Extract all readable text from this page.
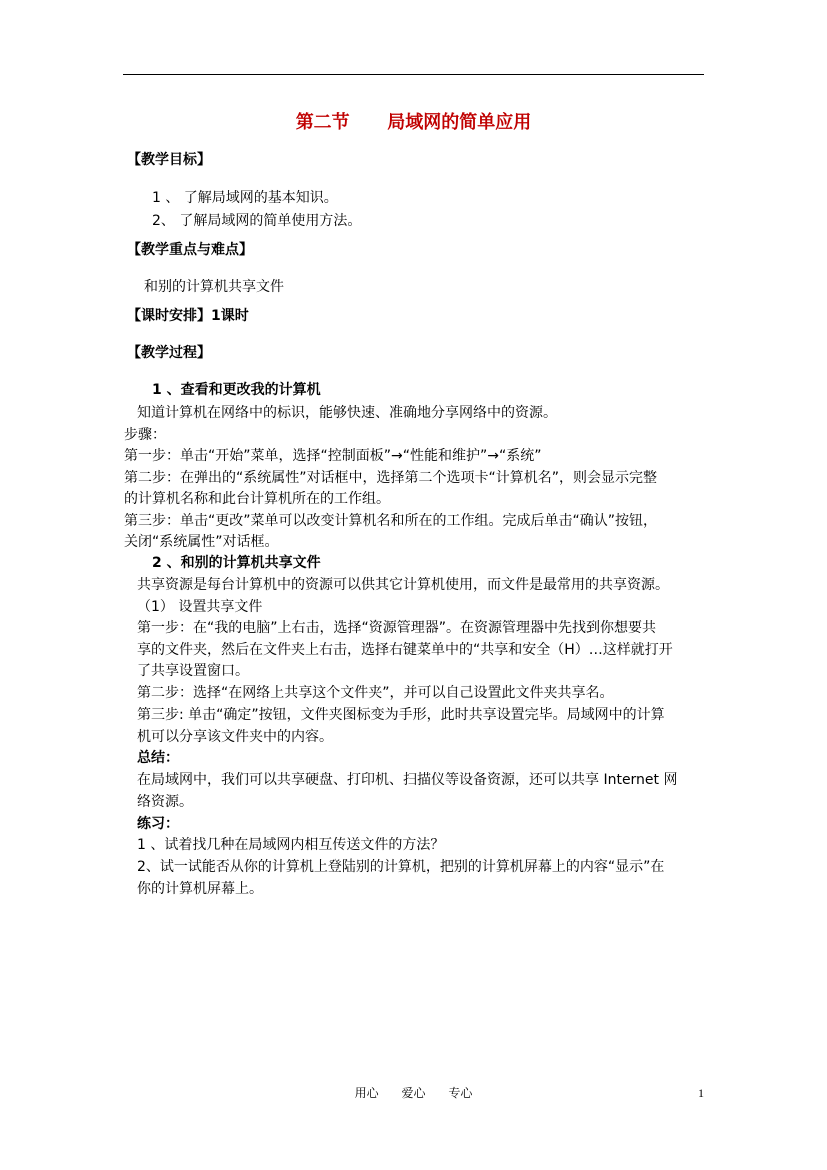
第二节      局域网的简单应用
【教学目标】
1 、 了解局域网的基本知识。
2、 了解局域网的简单使用方法。
【教学重点与难点】
和别的计算机共享文件
【课时安排】1课时
【教学过程】
1 、查看和更改我的计算机
知道计算机在网络中的标识，能够快速、准确地分享网络中的资源。
步骤：
第一步：单击“开始”菜单，选择“控制面板”→“性能和维护”→“系统”
第二步：在弹出的“系统属性”对话框中，选择第二个选项卡“计算机名”，则会显示完整
的计算机名称和此台计算机所在的工作组。
第三步：单击“更改”菜单可以改变计算机名和所在的工作组。完成后单击“确认”按钮，
关闭“系统属性”对话框。
2 、和别的计算机共享文件
共享资源是每台计算机中的资源可以供其它计算机使用，而文件是最常用的共享资源。
（1） 设置共享文件
第一步：在“我的电脑”上右击，选择“资源管理器”。在资源管理器中先找到你想要共
享的文件夹，然后在文件夹上右击，选择右键菜单中的“共享和安全（H）…这样就打开
了共享设置窗口。
第二步：选择“在网络上共享这个文件夹”，并可以自己设置此文件夹共享名。
第三步: 单击“确定”按钮，文件夹图标变为手形，此时共享设置完毕。局域网中的计算
机可以分享该文件夹中的内容。
总结：
在局域网中，我们可以共享硬盘、打印机、扫描仪等设备资源，还可以共享 Internet 网
络资源。
练习：
1 、试着找几种在局域网内相互传送文件的方法？
2、试一试能否从你的计算机上登陆别的计算机，把别的计算机屏幕上的内容“显示”在
你的计算机屏幕上。
用心      爱心      专心	1
